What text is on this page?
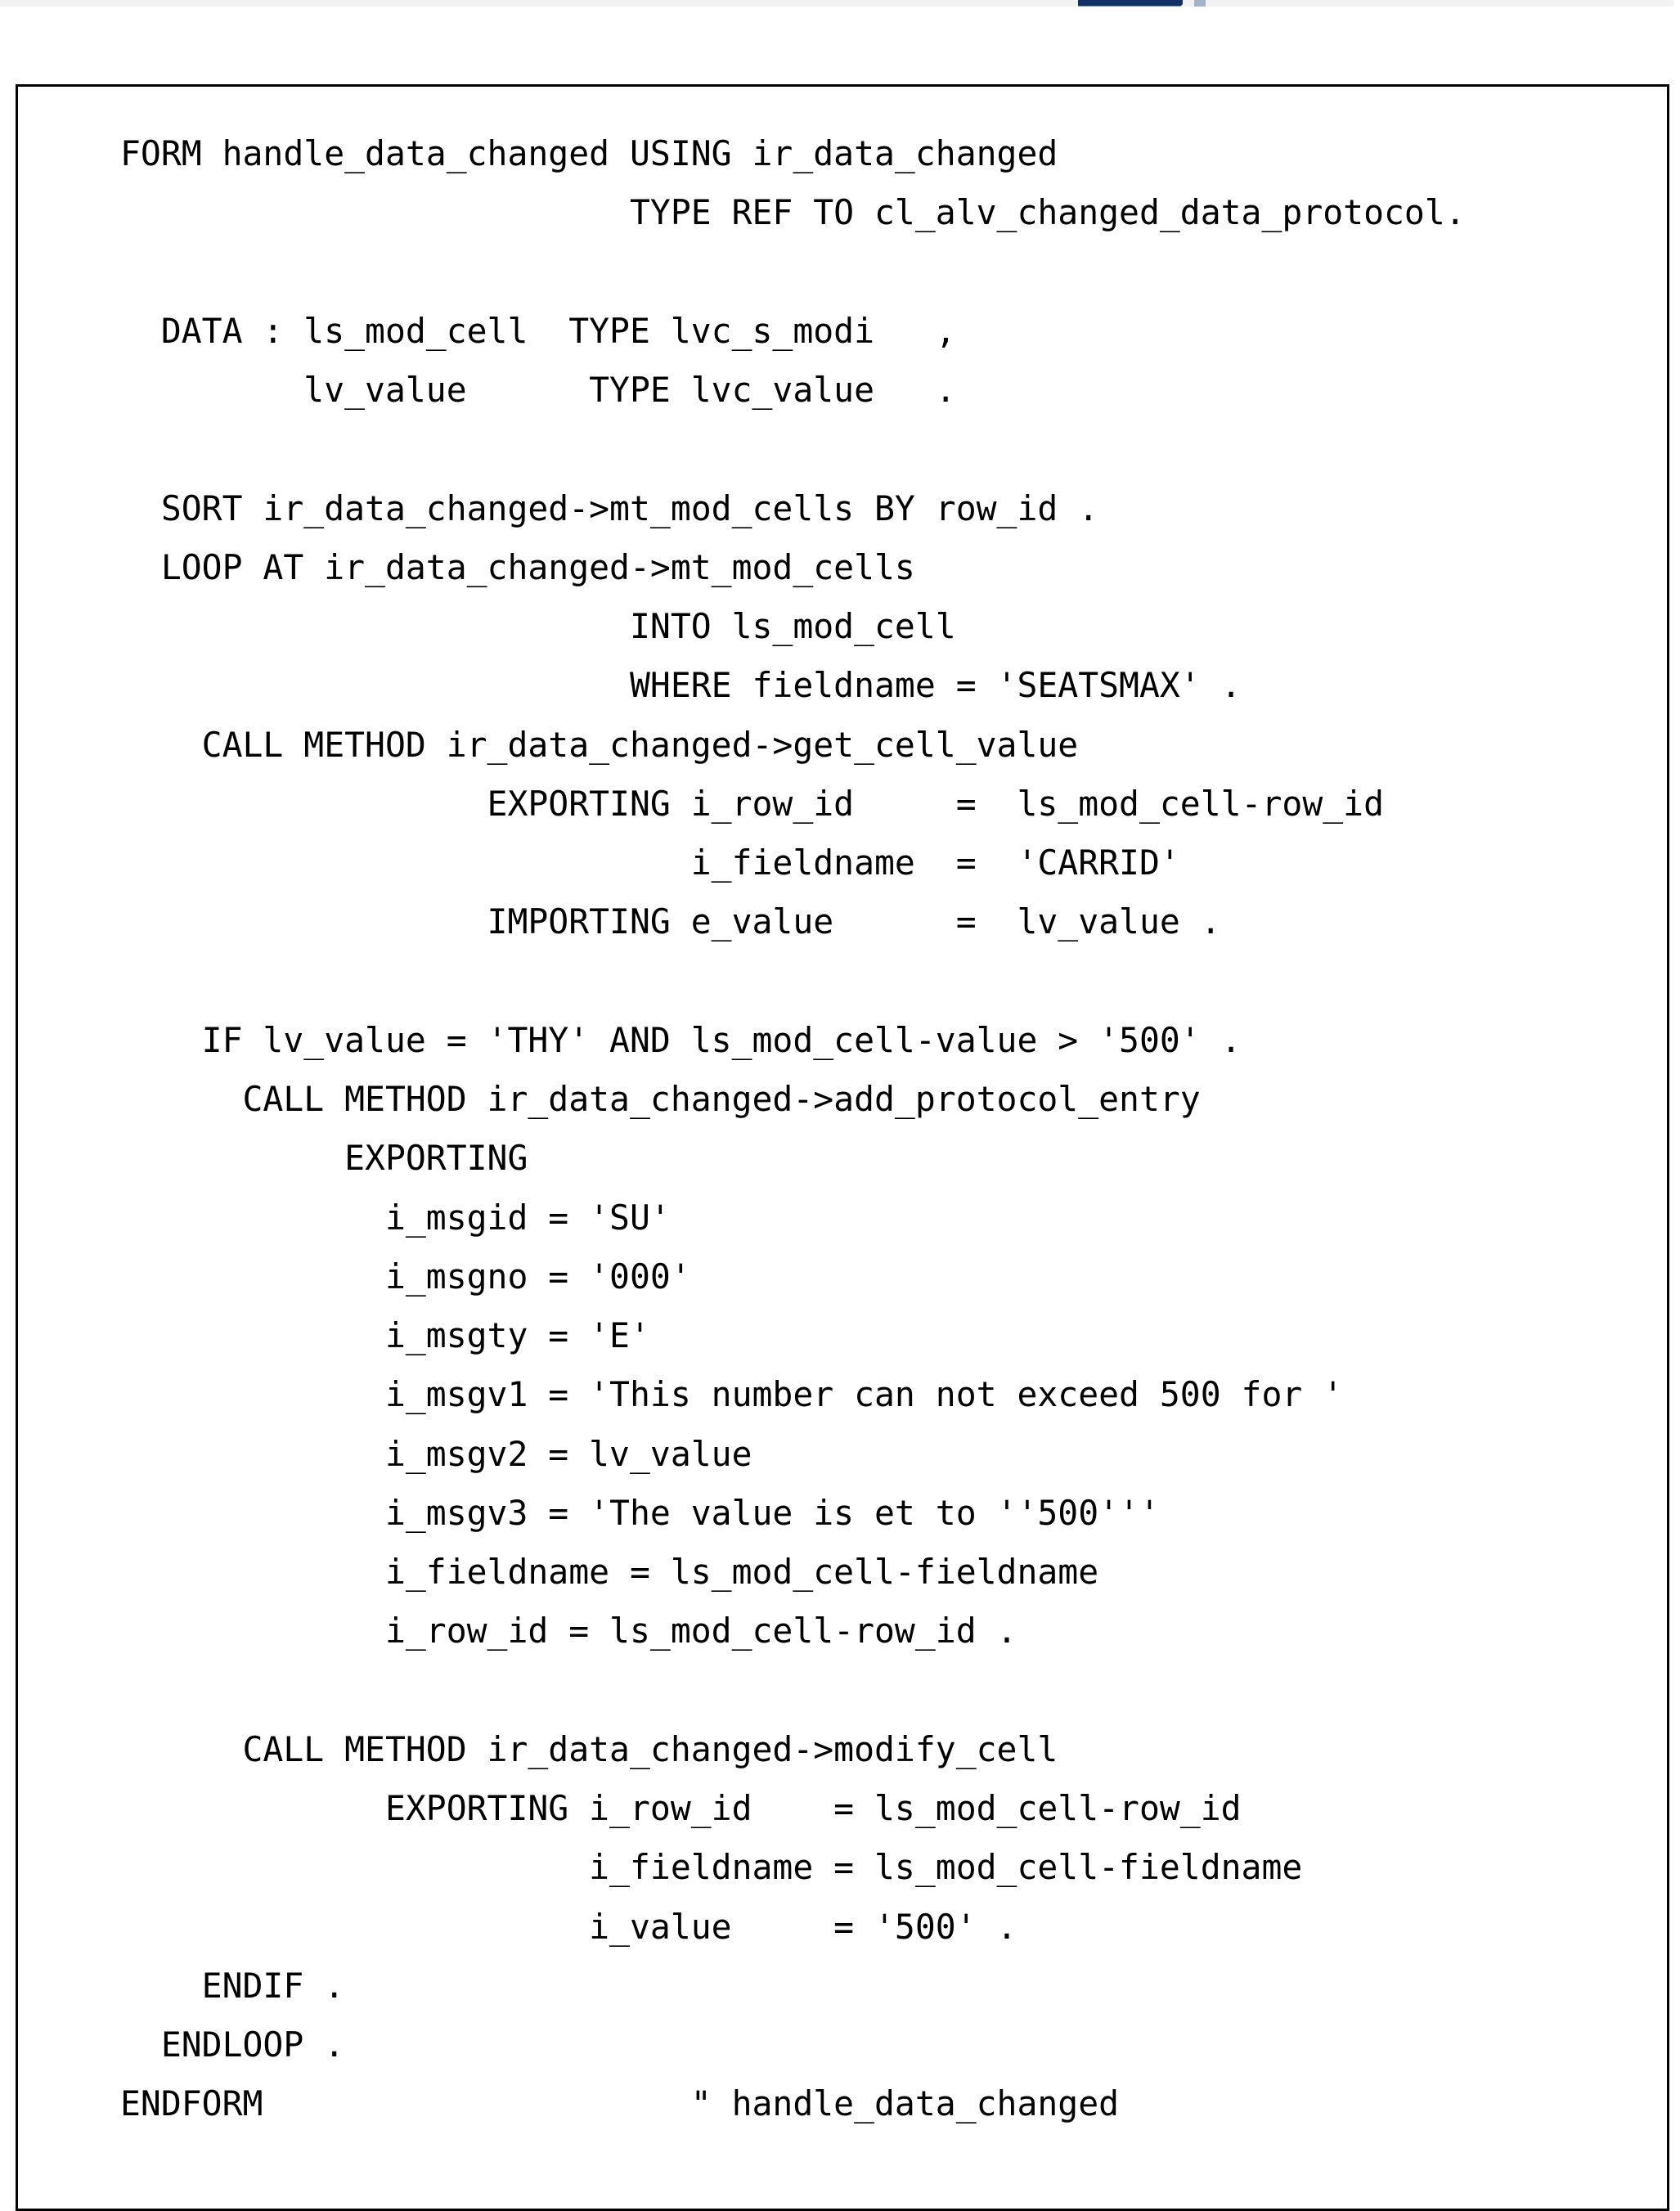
FORM handle_data_changed USING ir_data_changed
TYPE REF TO cl_alv_changed_data_protocol.
DATA : ls_mod_cell  TYPE lvc_s_modi   ,
lv_value      TYPE lvc_value   .
SORT ir_data_changed->mt_mod_cells BY row_id .
LOOP AT ir_data_changed->mt_mod_cells
INTO ls_mod_cell
WHERE fieldname = 'SEATSMAX' .
CALL METHOD ir_data_changed->get_cell_value
EXPORTING i_row_id     =  ls_mod_cell-row_id
i_fieldname  =  'CARRID'
IMPORTING e_value      =  lv_value .
IF lv_value = 'THY' AND ls_mod_cell-value > '500' .
CALL METHOD ir_data_changed->add_protocol_entry
EXPORTING
i_msgid = 'SU'
i_msgno = '000'
i_msgty = 'E'
i_msgv1 = 'This number can not exceed 500 for '
i_msgv2 = lv_value
i_msgv3 = 'The value is et to ''500'''
i_fieldname = ls_mod_cell-fieldname
i_row_id = ls_mod_cell-row_id .
CALL METHOD ir_data_changed->modify_cell
EXPORTING i_row_id    = ls_mod_cell-row_id
i_fieldname = ls_mod_cell-fieldname
i_value     = '500' .
ENDIF .
ENDLOOP .
ENDFORM                     " handle_data_changed
